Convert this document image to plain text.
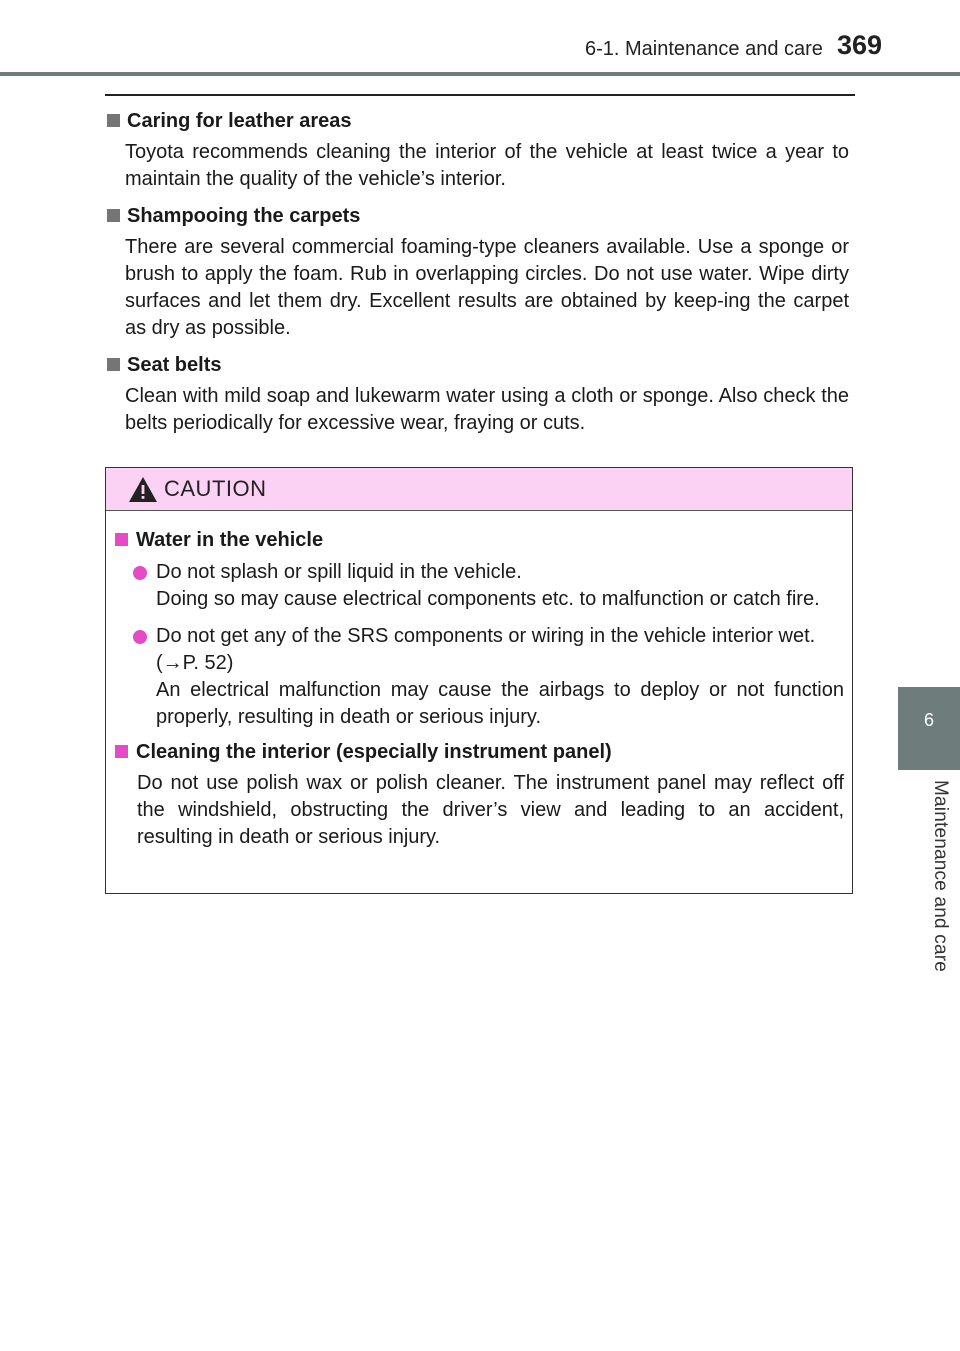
6-1. Maintenance and care 369
6
Maintenance and care
Caring for leather areas
Toyota recommends cleaning the interior of the vehicle at least twice a year to maintain the quality of the vehicle’s interior.
Shampooing the carpets
There are several commercial foaming-type cleaners available. Use a sponge or brush to apply the foam. Rub in overlapping circles. Do not use water. Wipe dirty surfaces and let them dry. Excellent results are obtained by keep-ing the carpet as dry as possible.
Seat belts
Clean with mild soap and lukewarm water using a cloth or sponge. Also check the belts periodically for excessive wear, fraying or cuts.
CAUTION
Water in the vehicle
Do not splash or spill liquid in the vehicle.
Doing so may cause electrical components etc. to malfunction or catch fire.
Do not get any of the SRS components or wiring in the vehicle interior wet.
(→P. 52)
An electrical malfunction may cause the airbags to deploy or not function properly, resulting in death or serious injury.
Cleaning the interior (especially instrument panel)
Do not use polish wax or polish cleaner. The instrument panel may reflect off the windshield, obstructing the driver’s view and leading to an accident, resulting in death or serious injury.
